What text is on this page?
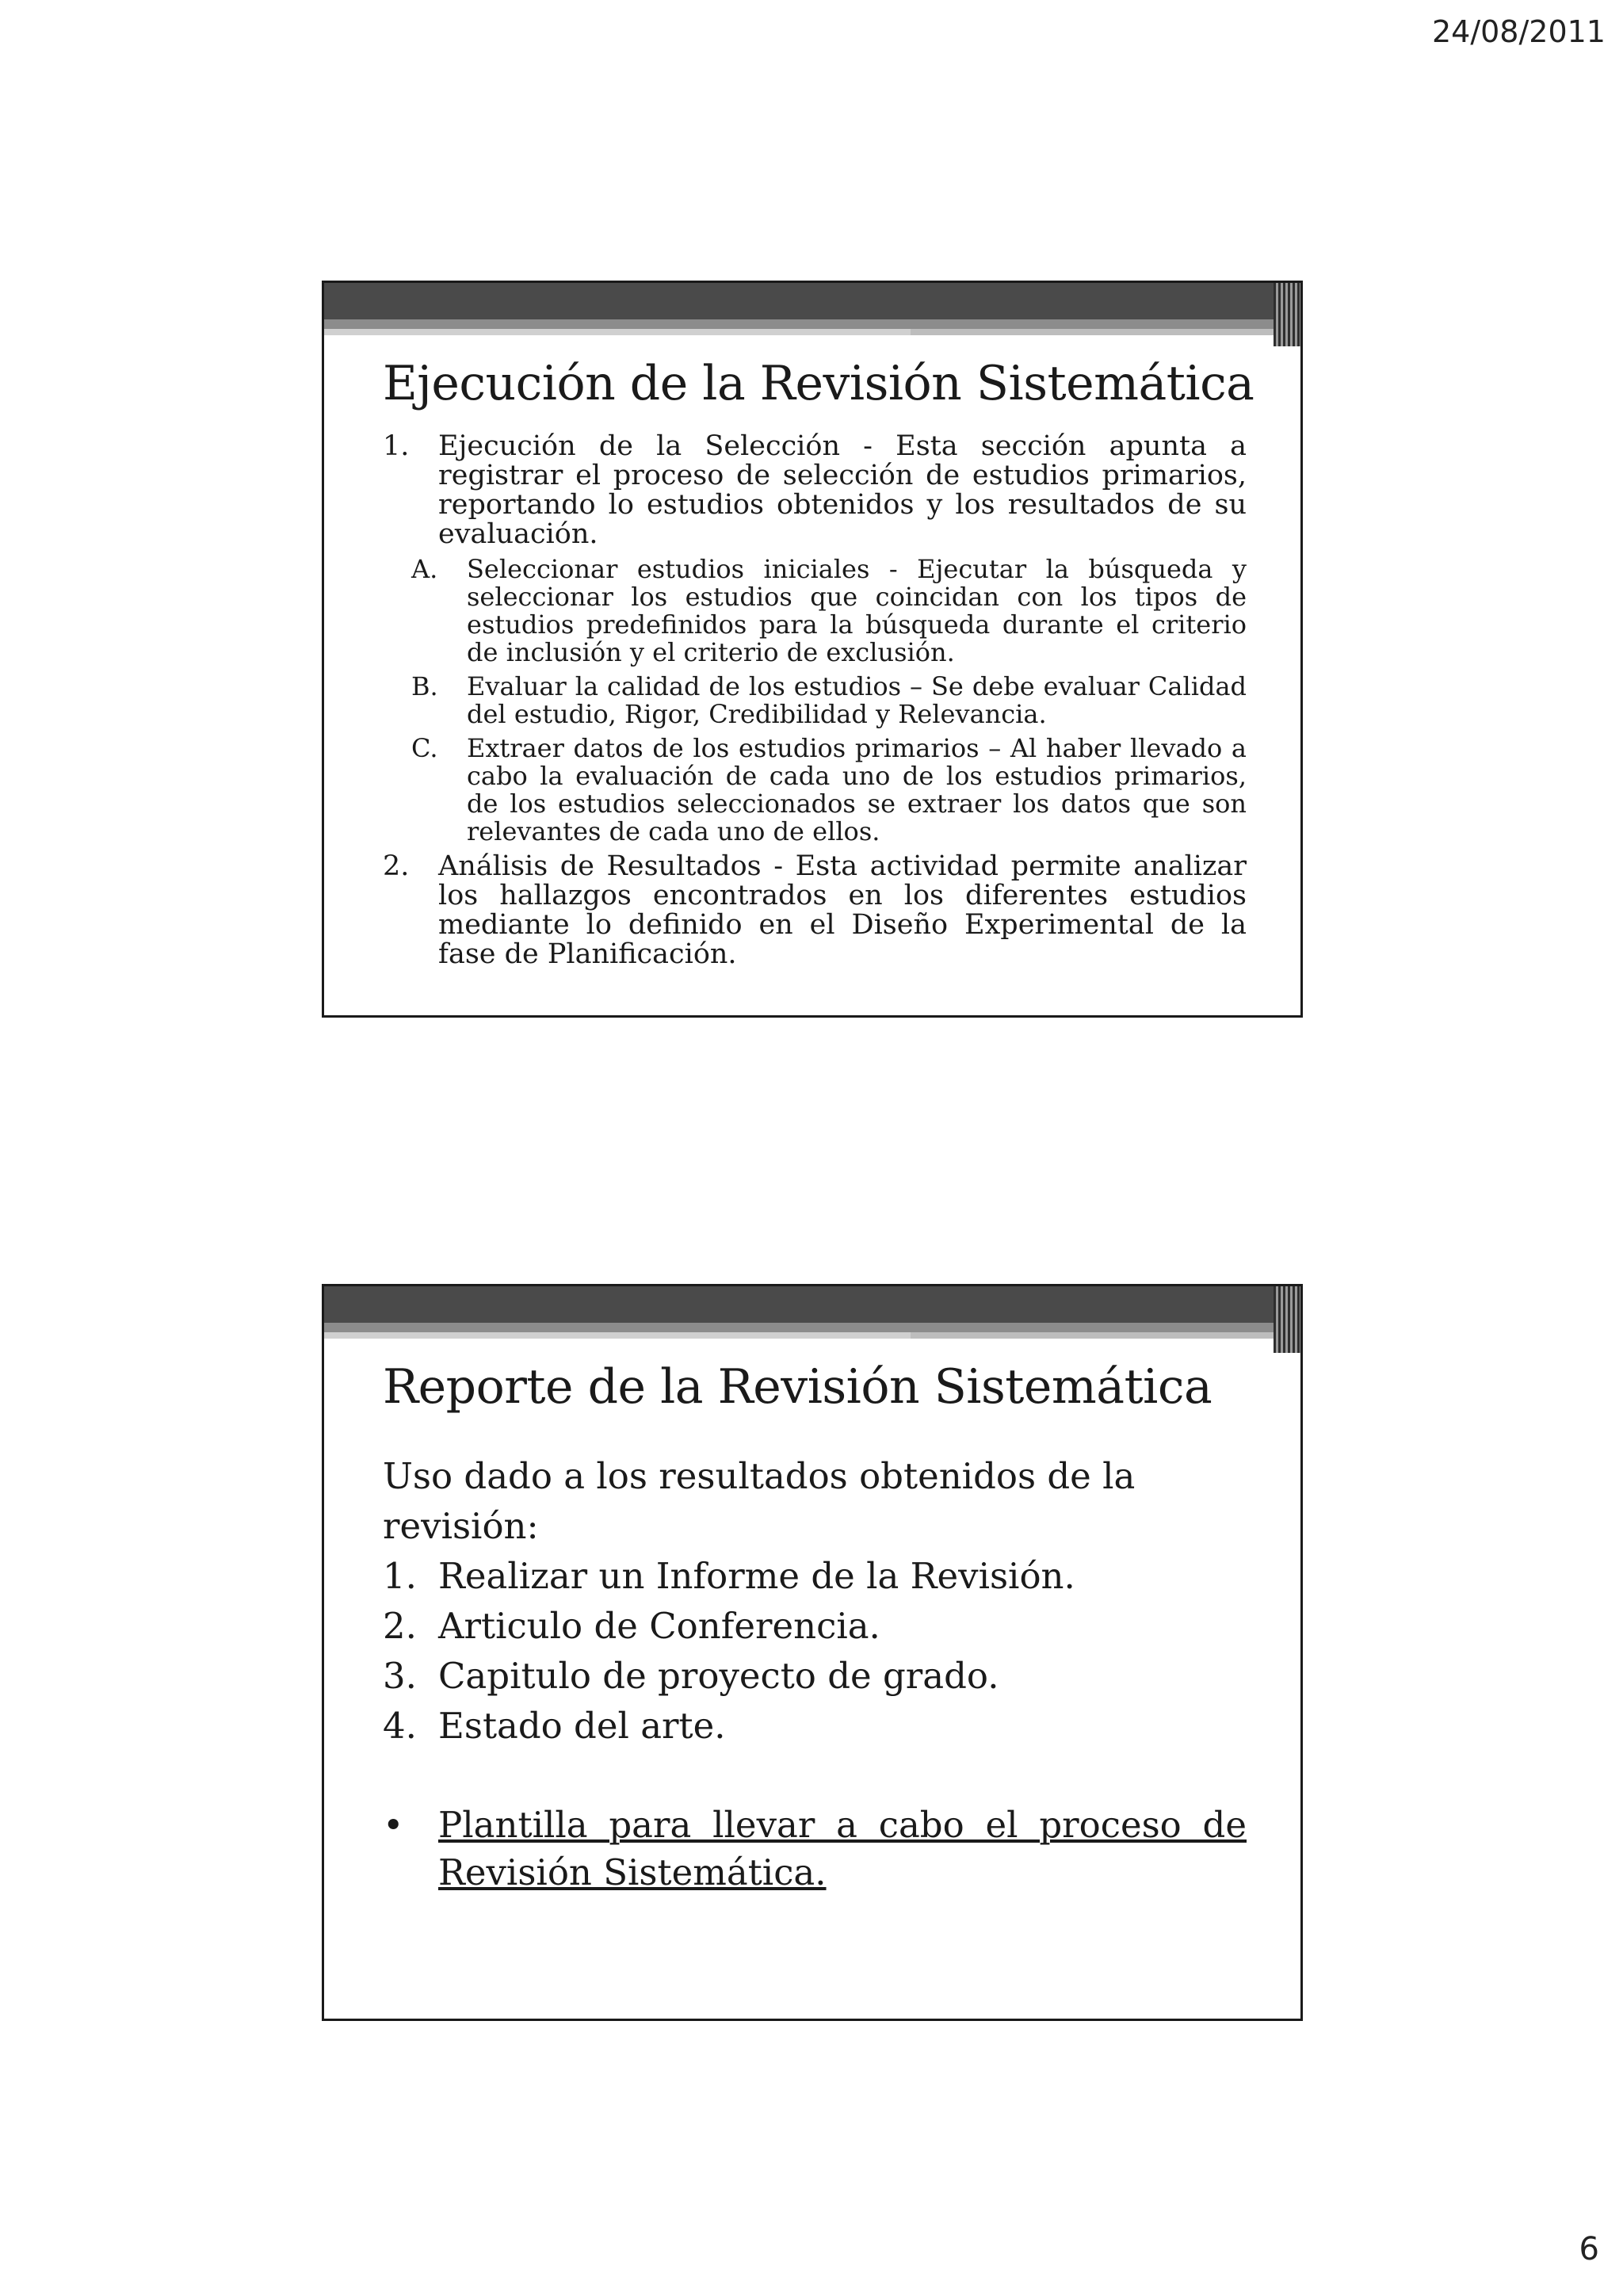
24/08/2011
Ejecución de la Revisión Sistemática
1. Ejecución de la Selección - Esta sección apunta a registrar el proceso de selección de estudios primarios, reportando lo estudios obtenidos y los resultados de su evaluación.
A. Seleccionar estudios iniciales - Ejecutar la búsqueda y seleccionar los estudios que coincidan con los tipos de estudios predefinidos para la búsqueda durante el criterio de inclusión y el criterio de exclusión.
B. Evaluar la calidad de los estudios – Se debe evaluar Calidad del estudio, Rigor, Credibilidad y Relevancia.
C. Extraer datos de los estudios primarios – Al haber llevado a cabo la evaluación de cada uno de los estudios primarios, de los estudios seleccionados se extraer los datos que son relevantes de cada uno de ellos.
2. Análisis de Resultados - Esta actividad permite analizar los hallazgos encontrados en los diferentes estudios mediante lo definido en el Diseño Experimental de la fase de Planificación.
Reporte de la Revisión Sistemática

Uso dado a los resultados obtenidos de la revisión:

1. Realizar un Informe de la Revisión.
2. Articulo de Conferencia.
3. Capitulo de proyecto de grado.
4. Estado del arte.
• Plantilla para llevar a cabo el proceso de Revisión Sistemática.
6
